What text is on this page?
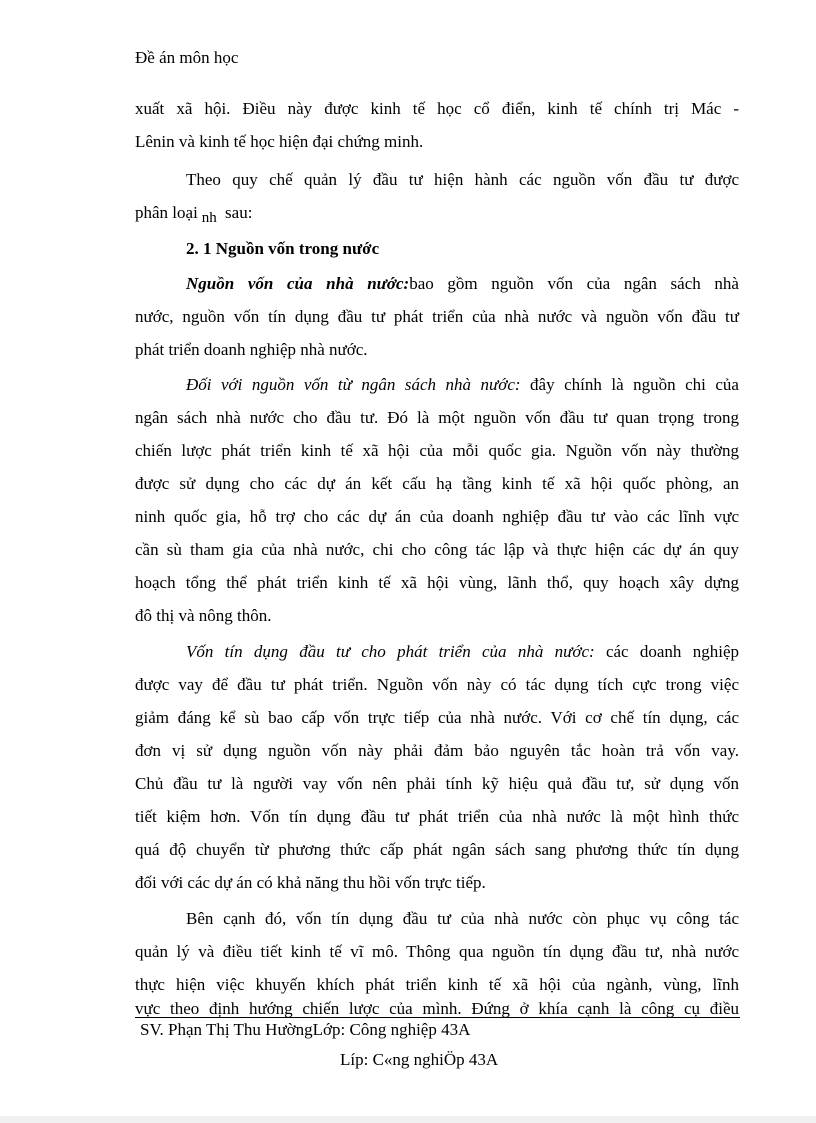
Đề án môn học
xuất xã hội. Điều này được kinh tế học cổ điển, kinh tế chính trị Mác -
Lênin và kinh tế học hiện đại chứng minh.
Theo quy chế quản lý đầu tư hiện hành các nguồn vốn đầu tư được
phân loại nh sau:
2. 1 Nguồn vốn trong nước
Nguồn vốn của nhà nước:bao gồm nguồn vốn của ngân sách nhà
nước, nguồn vốn tín dụng đầu tư phát triển của nhà nước và nguồn vốn đầu tư
phát triển doanh nghiệp nhà nước.
Đối với nguồn vốn từ ngân sách nhà nước: đây chính là nguồn chi của
ngân sách nhà nước cho đầu tư. Đó là một nguồn vốn đầu tư quan trọng trong
chiến lược phát triển kinh tế xã hội của mỗi quốc gia. Nguồn vốn này thường
được sử dụng cho các dự án kết cấu hạ tầng kinh tế xã hội quốc phòng, an
ninh quốc gia, hỗ trợ cho các dự án của doanh nghiệp đầu tư vào các lĩnh vực
cần sù tham gia của nhà nước, chi cho công tác lập và thực hiện các dự án quy
hoạch tổng thể phát triển kinh tế xã hội vùng, lãnh thổ, quy hoạch xây dựng
đô thị và nông thôn.
Vốn tín dụng đầu tư cho phát triển của nhà nước: các doanh nghiệp
được vay để đầu tư phát triển. Nguồn vốn này có tác dụng tích cực trong việc
giảm đáng kể sù bao cấp vốn trực tiếp của nhà nước. Với cơ chế tín dụng, các
đơn vị sử dụng nguồn vốn này phải đảm bảo nguyên tắc hoàn trả vốn vay.
Chủ đầu tư là người vay vốn nên phải tính kỹ hiệu quả đầu tư, sử dụng vốn
tiết kiệm hơn. Vốn tín dụng đầu tư phát triển của nhà nước là một hình thức
quá độ chuyển từ phương thức cấp phát ngân sách sang phương thức tín dụng
đối với các dự án có khả năng thu hồi vốn trực tiếp.
Bên cạnh đó, vốn tín dụng đầu tư của nhà nước còn phục vụ công tác
quản lý và điều tiết kinh tế vĩ mô. Thông qua nguồn tín dụng đầu tư, nhà nước
thực hiện việc khuyến khích phát triển kinh tế xã hội của ngành, vùng, lĩnh
vực theo định hướng chiến lược của mình. Đứng ở khía cạnh là công cụ điều
SV. Phạn Thị Thu HườngLớp: Công nghiệp 43A
Líp: C«ng nghiÖp 43A
